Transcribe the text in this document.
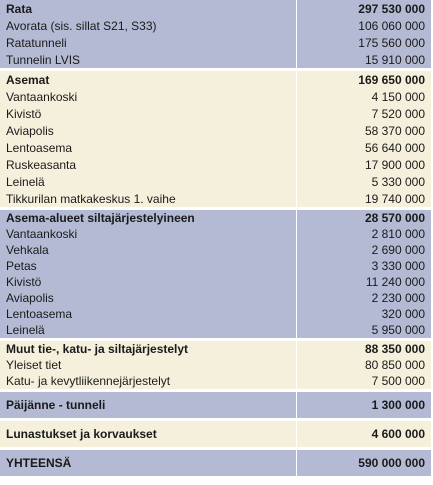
Rata	297 530 000
Avorata (sis. sillat S21, S33)	106 060 000
Ratatunneli	175 560 000
Tunnelin LVIS	15 910 000

Asemat	169 650 000
Vantaankoski	4 150 000
Kivistö	7 520 000
Aviapolis	58 370 000
Lentoasema	56 640 000
Ruskeasanta	17 900 000
Leinelä	5 330 000
Tikkurilan matkakeskus 1. vaihe	19 740 000

Asema-alueet siltajärjestelyineen	28 570 000
Vantaankoski	2 810 000
Vehkala	2 690 000
Petas	3 330 000
Kivistö	11 240 000
Aviapolis	2 230 000
Lentoasema	320 000
Leinelä	5 950 000

Muut tie-, katu- ja siltajärjestelyt	88 350 000
Yleiset tiet	80 850 000
Katu- ja kevytliikennejärjestelyt	7 500 000

Päijänne - tunneli	1 300 000

Lunastukset ja korvaukset	4 600 000

YHTEENSÄ	590 000 000
